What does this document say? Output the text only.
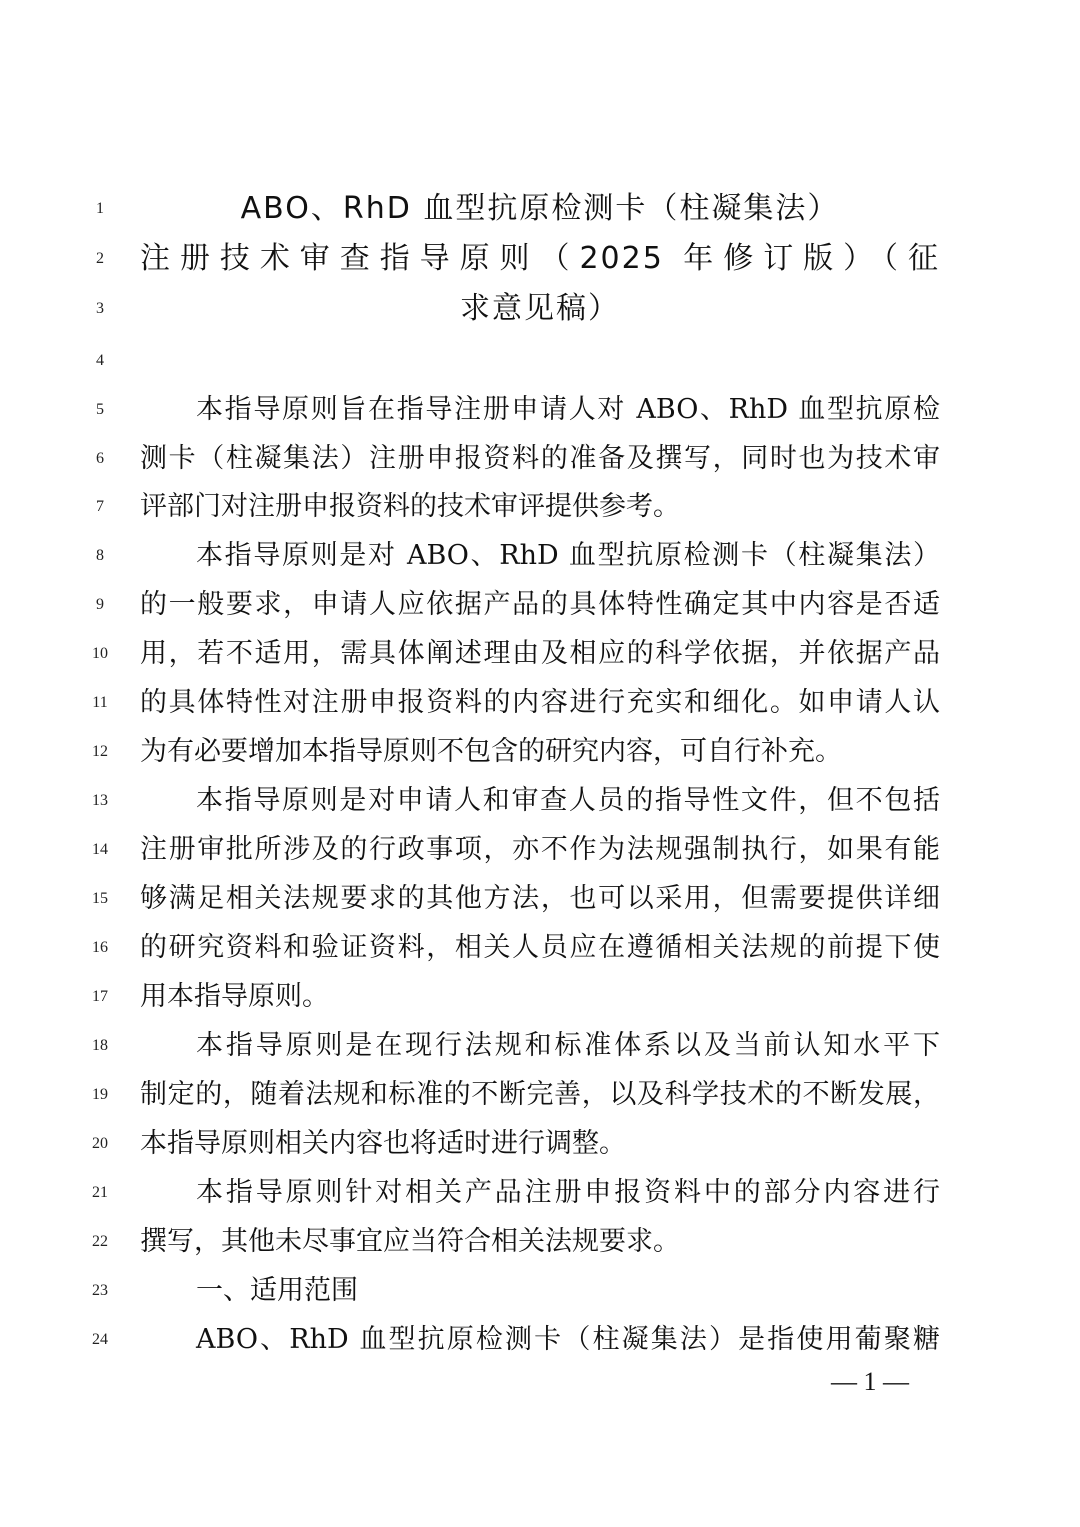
1	ABO、RhD 血型抗原检测卡（柱凝集法）
2	注册技术审查指导原则（2025 年修订版）（征
3	求意见稿）
4
5	本指导原则旨在指导注册申请人对 ABO、RhD 血型抗原检
6	测卡（柱凝集法）注册申报资料的准备及撰写，同时也为技术审
7	评部门对注册申报资料的技术审评提供参考。
8	本指导原则是对 ABO、RhD 血型抗原检测卡（柱凝集法）
9	的一般要求，申请人应依据产品的具体特性确定其中内容是否适
10	用，若不适用，需具体阐述理由及相应的科学依据，并依据产品
11	的具体特性对注册申报资料的内容进行充实和细化。如申请人认
12	为有必要增加本指导原则不包含的研究内容，可自行补充。
13	本指导原则是对申请人和审查人员的指导性文件，但不包括
14	注册审批所涉及的行政事项，亦不作为法规强制执行，如果有能
15	够满足相关法规要求的其他方法，也可以采用，但需要提供详细
16	的研究资料和验证资料，相关人员应在遵循相关法规的前提下使
17	用本指导原则。
18	本指导原则是在现行法规和标准体系以及当前认知水平下
19	制定的，随着法规和标准的不断完善，以及科学技术的不断发展，
20	本指导原则相关内容也将适时进行调整。
21	本指导原则针对相关产品注册申报资料中的部分内容进行
22	撰写，其他未尽事宜应当符合相关法规要求。
23	一、适用范围
24	ABO、RhD 血型抗原检测卡（柱凝集法）是指使用葡聚糖
— 1 —
